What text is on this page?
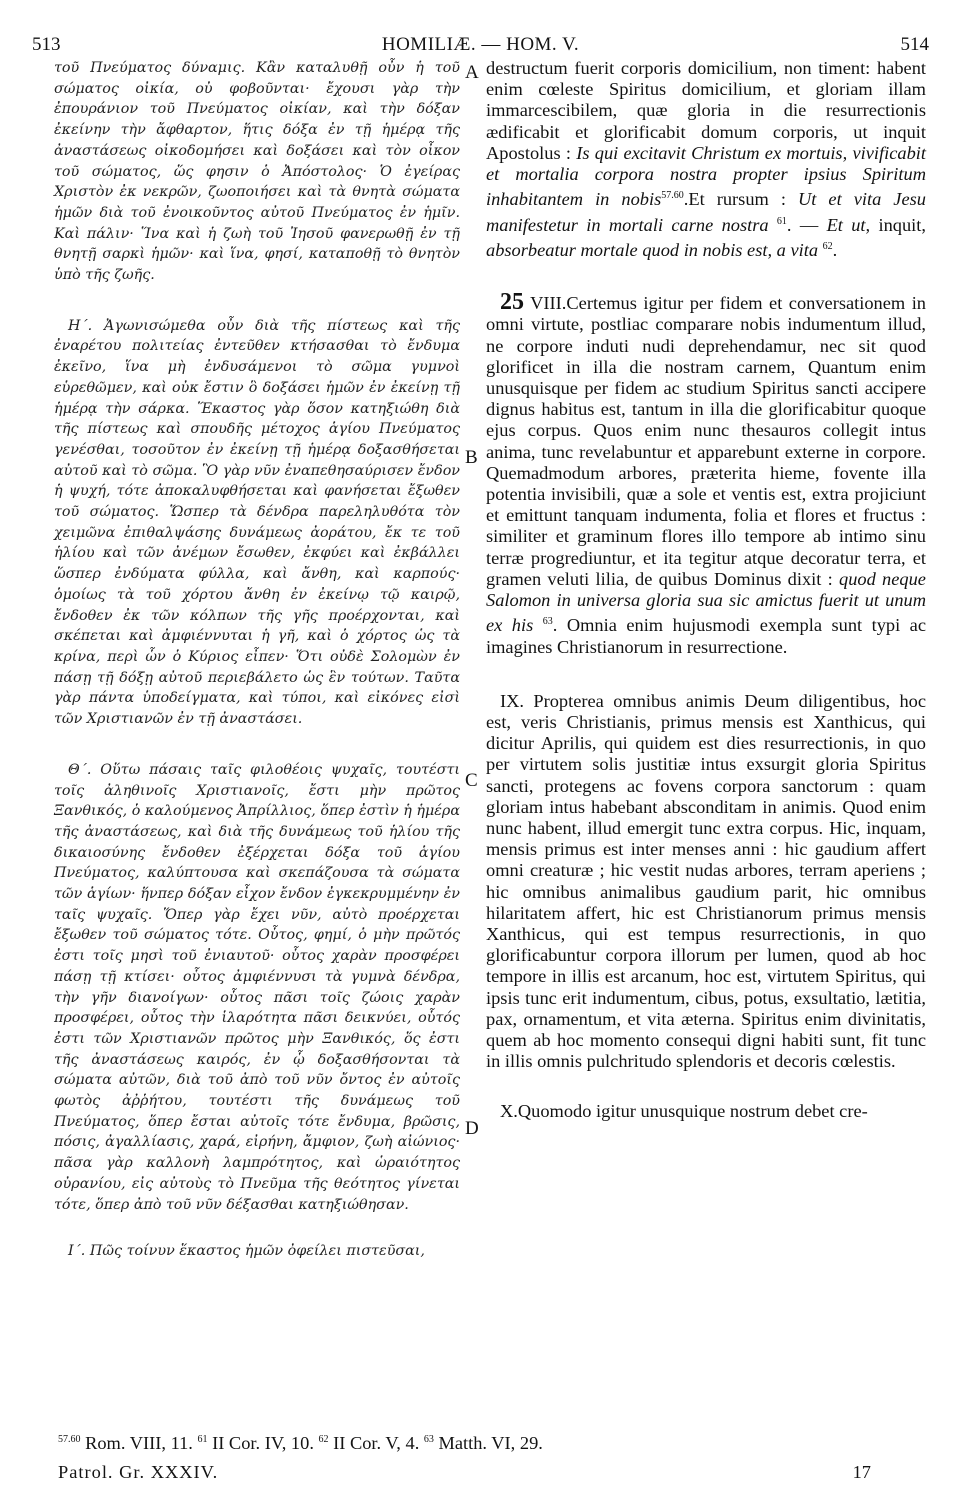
513	HOMILIÆ. — HOM. V.	514

τοῦ Πνεύματος δύναμις. Κἂν καταλυθῇ οὖν ἡ τοῦ σώματος οἰκία, οὐ φοβοῦνται· ἔχουσι γὰρ τὴν ἐπουράνιον τοῦ Πνεύματος οἰκίαν, καὶ τὴν δόξαν ἐκείνην τὴν ἄφθαρτον, ἥτις δόξα ἐν τῇ ἡμέρᾳ τῆς ἀναστάσεως οἰκοδομήσει καὶ δοξάσει καὶ τὸν οἶκον τοῦ σώματος, ὥς φησιν ὁ Ἀπόστολος· Ὁ ἐγείρας Χριστὸν ἐκ νεκρῶν, ζωοποιήσει καὶ τὰ θνητὰ σώματα ἡμῶν διὰ τοῦ ἐνοικοῦντος αὐτοῦ Πνεύματος ἐν ἡμῖν. Καὶ πάλιν· Ἵνα καὶ ἡ ζωὴ τοῦ Ἰησοῦ φανερωθῇ ἐν τῇ θνητῇ σαρκὶ ἡμῶν· καὶ ἵνα, φησί, καταποθῇ τὸ θνητὸν ὑπὸ τῆς ζωῆς.

Η΄. Ἀγωνισώμεθα οὖν διὰ τῆς πίστεως καὶ τῆς ἐναρέτου πολιτείας ἐντεῦθεν κτήσασθαι τὸ ἔνδυμα ἐκεῖνο, ἵνα μὴ ἐνδυσάμενοι τὸ σῶμα γυμνοὶ εὑρεθῶμεν, καὶ οὐκ ἔστιν ὃ δοξάσει ἡμῶν ἐν ἐκείνῃ τῇ ἡμέρᾳ τὴν σάρκα. Ἕκαστος γὰρ ὅσον κατηξιώθη διὰ τῆς πίστεως καὶ σπουδῆς μέτοχος ἁγίου Πνεύματος γενέσθαι, τοσοῦτον ἐν ἐκείνῃ τῇ ἡμέρᾳ δοξασθήσεται αὐτοῦ καὶ τὸ σῶμα. Ὃ γὰρ νῦν ἐναπεθησαύρισεν ἔνδον ἡ ψυχή, τότε ἀποκαλυφθήσεται καὶ φανήσεται ἔξωθεν τοῦ σώματος. Ὥσπερ τὰ δένδρα παρεληλυθότα τὸν χειμῶνα ἐπιθαλψάσης δυνάμεως ἀοράτου, ἔκ τε τοῦ ἡλίου καὶ τῶν ἀνέμων ἔσωθεν, ἐκφύει καὶ ἐκβάλλει ὥσπερ ἐνδύματα φύλλα, καὶ ἄνθη, καὶ καρπούς· ὁμοίως τὰ τοῦ χόρτου ἄνθη ἐν ἐκείνῳ τῷ καιρῷ, ἔνδοθεν ἐκ τῶν κόλπων τῆς γῆς προέρχονται, καὶ σκέπεται καὶ ἀμφιέννυται ἡ γῆ, καὶ ὁ χόρτος ὡς τὰ κρίνα, περὶ ὧν ὁ Κύριος εἶπεν· Ὅτι οὐδὲ Σολομὼν ἐν πάσῃ τῇ δόξῃ αὐτοῦ περιεβάλετο ὡς ἓν τούτων. Ταῦτα γὰρ πάντα ὑποδείγματα, καὶ τύποι, καὶ εἰκόνες εἰσὶ τῶν Χριστιανῶν ἐν τῇ ἀναστάσει.

Θ΄. Οὕτω πάσαις ταῖς φιλοθέοις ψυχαῖς, τουτέστι τοῖς ἀληθινοῖς Χριστιανοῖς, ἔστι μὴν πρῶτος Ξανθικός, ὁ καλούμενος Ἀπρίλλιος, ὅπερ ἐστὶν ἡ ἡμέρα τῆς ἀναστάσεως, καὶ διὰ τῆς δυνάμεως τοῦ ἡλίου τῆς δικαιοσύνης ἔνδοθεν ἐξέρχεται δόξα τοῦ ἁγίου Πνεύματος, καλύπτουσα καὶ σκεπάζουσα τὰ σώματα τῶν ἁγίων· ἥνπερ δόξαν εἶχον ἔνδον ἐγκεκρυμμένην ἐν ταῖς ψυχαῖς. Ὅπερ γὰρ ἔχει νῦν, αὐτὸ προέρχεται ἔξωθεν τοῦ σώματος τότε. Οὗτος, φημί, ὁ μὴν πρῶτός ἐστι τοῖς μησὶ τοῦ ἐνιαυτοῦ· οὗτος χαρὰν προσφέρει πάσῃ τῇ κτίσει· οὗτος ἀμφιέννυσι τὰ γυμνὰ δένδρα, τὴν γῆν διανοίγων· οὗτος πᾶσι τοῖς ζώοις χαρὰν προσφέρει, οὗτος τὴν ἱλαρότητα πᾶσι δεικνύει, οὗτός ἐστι τῶν Χριστιανῶν πρῶτος μὴν Ξανθικός, ὅς ἐστι τῆς ἀναστάσεως καιρός, ἐν ᾧ δοξασθήσονται τὰ σώματα αὐτῶν, διὰ τοῦ ἀπὸ τοῦ νῦν ὄντος ἐν αὐτοῖς φωτὸς ἀῤῥήτου, τουτέστι τῆς δυνάμεως τοῦ Πνεύματος, ὅπερ ἔσται αὐτοῖς τότε ἔνδυμα, βρῶσις, πόσις, ἀγαλλίασις, χαρά, εἰρήνη, ἄμφιον, ζωὴ αἰώνιος· πᾶσα γὰρ καλλονὴ λαμπρότητος, καὶ ὡραιότητος οὐρανίου, εἰς αὐτοὺς τὸ Πνεῦμα τῆς θεότητος γίνεται τότε, ὅπερ ἀπὸ τοῦ νῦν δέξασθαι κατηξιώθησαν.

Ι΄. Πῶς τοίνυν ἕκαστος ἡμῶν ὀφείλει πιστεῦσαι,

A
B
C
D

destructum fuerit corporis domicilium, non timent: habent enim cœleste Spiritus domicilium, et gloriam illam immarcescibilem, quæ gloria in die resurrectionis ædificabit et glorificabit domum corporis, ut inquit Apostolus : Is qui excitavit Christum ex mortuis, vivificabit et mortalia corpora nostra propter ipsius Spiritum inhabitantem in nobis$^{57.60}$.Et rursum : Ut et vita Jesu manifestetur in mortali carne nostra $^{61}$. — Et ut, inquit, absorbeatur mortale quod in nobis est, a vita $^{62}$.

25 VIII.Certemus igitur per fidem et conversationem in omni virtute, postliac comparare nobis indumentum illud, ne corpore induti nudi deprehendamur, nec sit quod glorificet in illa die nostram carnem, Quantum enim unusquisque per fidem ac studium Spiritus sancti accipere dignus habitus est, tantum in illa die glorificabitur quoque ejus corpus. Quos enim nunc thesauros collegit intus anima, tunc revelabuntur et apparebunt externe in corpore. Quemadmodum arbores, præterita hieme, fovente illa potentia invisibili, quæ a sole et ventis est, extra projiciunt et emittunt tanquam indumenta, folia et flores et fructus : similiter et graminum flores illo tempore ab intimo sinu terræ progrediuntur, et ita tegitur atque decoratur terra, et gramen veluti lilia, de quibus Dominus dixit : quod neque Salomon in universa gloria sua sic amictus fuerit ut unum ex his $^{63}$. Omnia enim hujusmodi exempla sunt typi ac imagines Christianorum in resurrectione.

IX. Propterea omnibus animis Deum diligentibus, hoc est, veris Christianis, primus mensis est Xanthicus, qui dicitur Aprilis, qui quidem est dies resurrectionis, in quo per virtutem solis justitiæ intus exsurgit gloria Spiritus sancti, protegens ac fovens corpora sanctorum : quam gloriam intus habebant absconditam in animis. Quod enim nunc habent, illud emergit tunc extra corpus. Hic, inquam, mensis primus est inter menses anni : hic gaudium affert omni creaturæ ; hic vestit nudas arbores, terram aperiens ; hic omnibus animalibus gaudium parit, hic omnibus hilaritatem affert, hic est Christianorum primus mensis Xanthicus, qui est tempus resurrectionis, in quo glorificabuntur corpora illorum per lumen, quod ab hoc tempore in illis est arcanum, hoc est, virtutem Spiritus, qui ipsis tunc erit indumentum, cibus, potus, exsultatio, lætitia, pax, ornamentum, et vita æterna. Spiritus enim divinitatis, quem ab hoc momento consequi digni habiti sunt, fit tunc in illis omnis pulchritudo splendoris et decoris cœlestis.

X.Quomodo igitur unusquique nostrum debet cre-

$^{57.60}$ Rom. VIII, 11. $^{61}$ II Cor. IV, 10. $^{62}$ II Cor. V, 4. $^{63}$ Matth. VI, 29.
Patrol. Gr. XXXIV.	17
